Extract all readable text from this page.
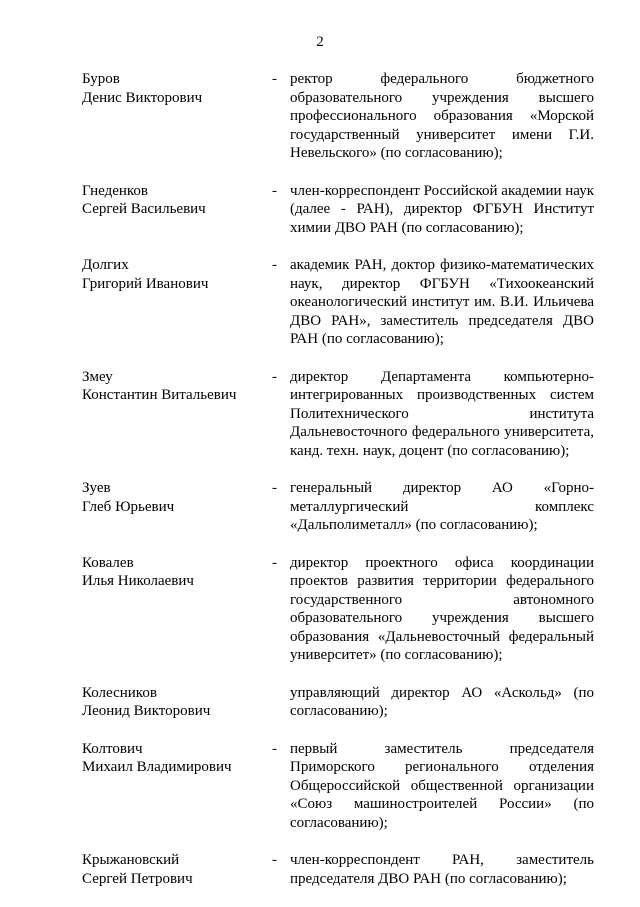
2
Буров
Денис Викторович
- ректор федерального бюджетного образовательного учреждения высшего профессионального образования «Морской государственный университет имени Г.И. Невельского» (по согласованию);
Гнеденков
Сергей Васильевич
- член-корреспондент Российской академии наук (далее - РАН), директор ФГБУН Институт химии ДВО РАН (по согласованию);
Долгих
Григорий Иванович
- академик РАН, доктор физико-математических наук, директор ФГБУН «Тихоокеанский океанологический институт им. В.И. Ильичева ДВО РАН», заместитель председателя ДВО РАН (по согласованию);
Змеу
Константин Витальевич
- директор Департамента компьютерно-интегрированных производственных систем Политехнического института Дальневосточного федерального университета, канд. техн. наук, доцент (по согласованию);
Зуев
Глеб Юрьевич
- генеральный директор АО «Горно-металлургический комплекс «Дальполиметалл» (по согласованию);
Ковалев
Илья Николаевич
- директор проектного офиса координации проектов развития территории федерального государственного автономного образовательного учреждения высшего образования «Дальневосточный федеральный университет» (по согласованию);
Колесников
Леонид Викторович
управляющий директор АО «Аскольд» (по согласованию);
Колтович
Михаил Владимирович
- первый заместитель председателя Приморского регионального отделения Общероссийской общественной организации «Союз машиностроителей России» (по согласованию);
Крыжановский
Сергей Петрович
- член-корреспондент РАН, заместитель председателя ДВО РАН (по согласованию);
